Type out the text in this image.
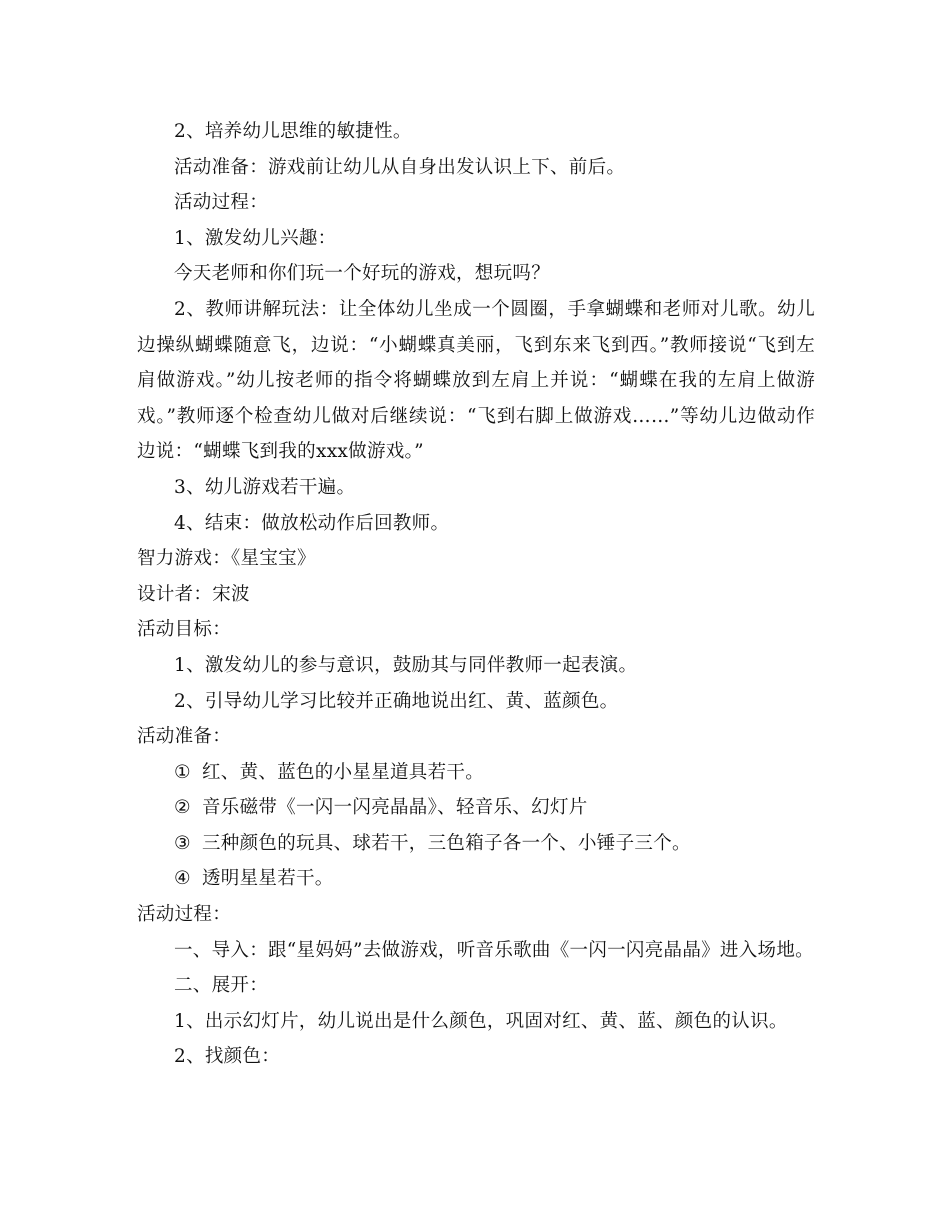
2、培养幼儿思维的敏捷性。

活动准备：游戏前让幼儿从自身出发认识上下、前后。

活动过程：

1、激发幼儿兴趣：

今天老师和你们玩一个好玩的游戏，想玩吗？

2、教师讲解玩法：让全体幼儿坐成一个圆圈，手拿蝴蝶和老师对儿歌。幼儿边操纵蝴蝶随意飞，边说：“小蝴蝶真美丽，飞到东来飞到西。”教师接说“飞到左肩做游戏。”幼儿按老师的指令将蝴蝶放到左肩上并说：“蝴蝶在我的左肩上做游戏。”教师逐个检查幼儿做对后继续说：“飞到右脚上做游戏……”等幼儿边做动作边说：“蝴蝶飞到我的xxx做游戏。”

3、幼儿游戏若干遍。

4、结束：做放松动作后回教师。

智力游戏：《星宝宝》

设计者：宋波

活动目标：

1、激发幼儿的参与意识，鼓励其与同伴教师一起表演。

2、引导幼儿学习比较并正确地说出红、黄、蓝颜色。

活动准备：

① 红、黄、蓝色的小星星道具若干。

② 音乐磁带《一闪一闪亮晶晶》、轻音乐、幻灯片

③ 三种颜色的玩具、球若干，三色箱子各一个、小锤子三个。

④ 透明星星若干。

活动过程：

一、导入：跟“星妈妈”去做游戏，听音乐歌曲《一闪一闪亮晶晶》进入场地。

二、展开：

1、出示幻灯片，幼儿说出是什么颜色，巩固对红、黄、蓝、颜色的认识。

2、找颜色：
